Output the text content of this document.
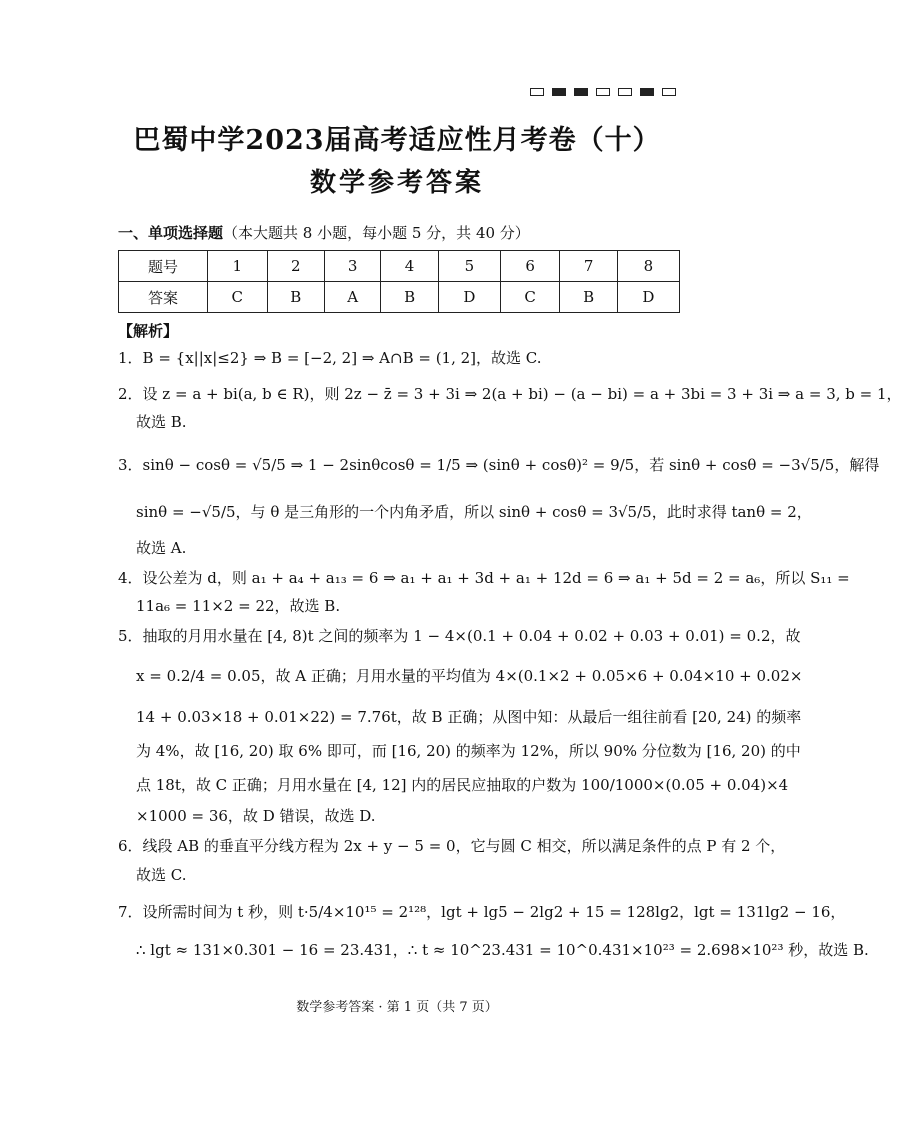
巴蜀中学2023届高考适应性月考卷（十）
数学参考答案
一、单项选择题（本大题共 8 小题，每小题 5 分，共 40 分）
题号	1	2	3	4	5	6	7	8
答案	C	B	A	B	D	C	B	D
【解析】
1．B = {x||x|≤2} ⇒ B = [−2, 2] ⇒ A∩B = (1, 2]，故选 C.
2．设 z = a + bi(a, b ∈ R)，则 2z − z̄ = 3 + 3i ⇒ 2(a + bi) − (a − bi) = a + 3bi = 3 + 3i ⇒ a = 3, b = 1，
故选 B.
3．sinθ − cosθ = √5/5 ⇒ 1 − 2sinθcosθ = 1/5 ⇒ (sinθ + cosθ)² = 9/5，若 sinθ + cosθ = −3√5/5，解得
sinθ = −√5/5，与 θ 是三角形的一个内角矛盾，所以 sinθ + cosθ = 3√5/5，此时求得 tanθ = 2，
故选 A.
4．设公差为 d，则 a₁ + a₄ + a₁₃ = 6 ⇒ a₁ + a₁ + 3d + a₁ + 12d = 6 ⇒ a₁ + 5d = 2 = a₆，所以 S₁₁ =
11a₆ = 11×2 = 22，故选 B.
5．抽取的月用水量在 [4, 8)t 之间的频率为 1 − 4×(0.1 + 0.04 + 0.02 + 0.03 + 0.01) = 0.2，故
x = 0.2/4 = 0.05，故 A 正确；月用水量的平均值为 4×(0.1×2 + 0.05×6 + 0.04×10 + 0.02×
14 + 0.03×18 + 0.01×22) = 7.76t，故 B 正确；从图中知：从最后一组往前看 [20, 24) 的频率
为 4%，故 [16, 20) 取 6% 即可，而 [16, 20) 的频率为 12%，所以 90% 分位数为 [16, 20) 的中
点 18t，故 C 正确；月用水量在 [4, 12] 内的居民应抽取的户数为 100/1000×(0.05 + 0.04)×4
×1000 = 36，故 D 错误，故选 D.
6．线段 AB 的垂直平分线方程为 2x + y − 5 = 0，它与圆 C 相交，所以满足条件的点 P 有 2 个，
故选 C.
7．设所需时间为 t 秒，则 t·5/4×10¹⁵ = 2¹²⁸，lgt + lg5 − 2lg2 + 15 = 128lg2，lgt = 131lg2 − 16，
∴ lgt ≈ 131×0.301 − 16 = 23.431，∴ t ≈ 10^23.431 = 10^0.431×10²³ = 2.698×10²³ 秒，故选 B.
数学参考答案 · 第 1 页（共 7 页）
